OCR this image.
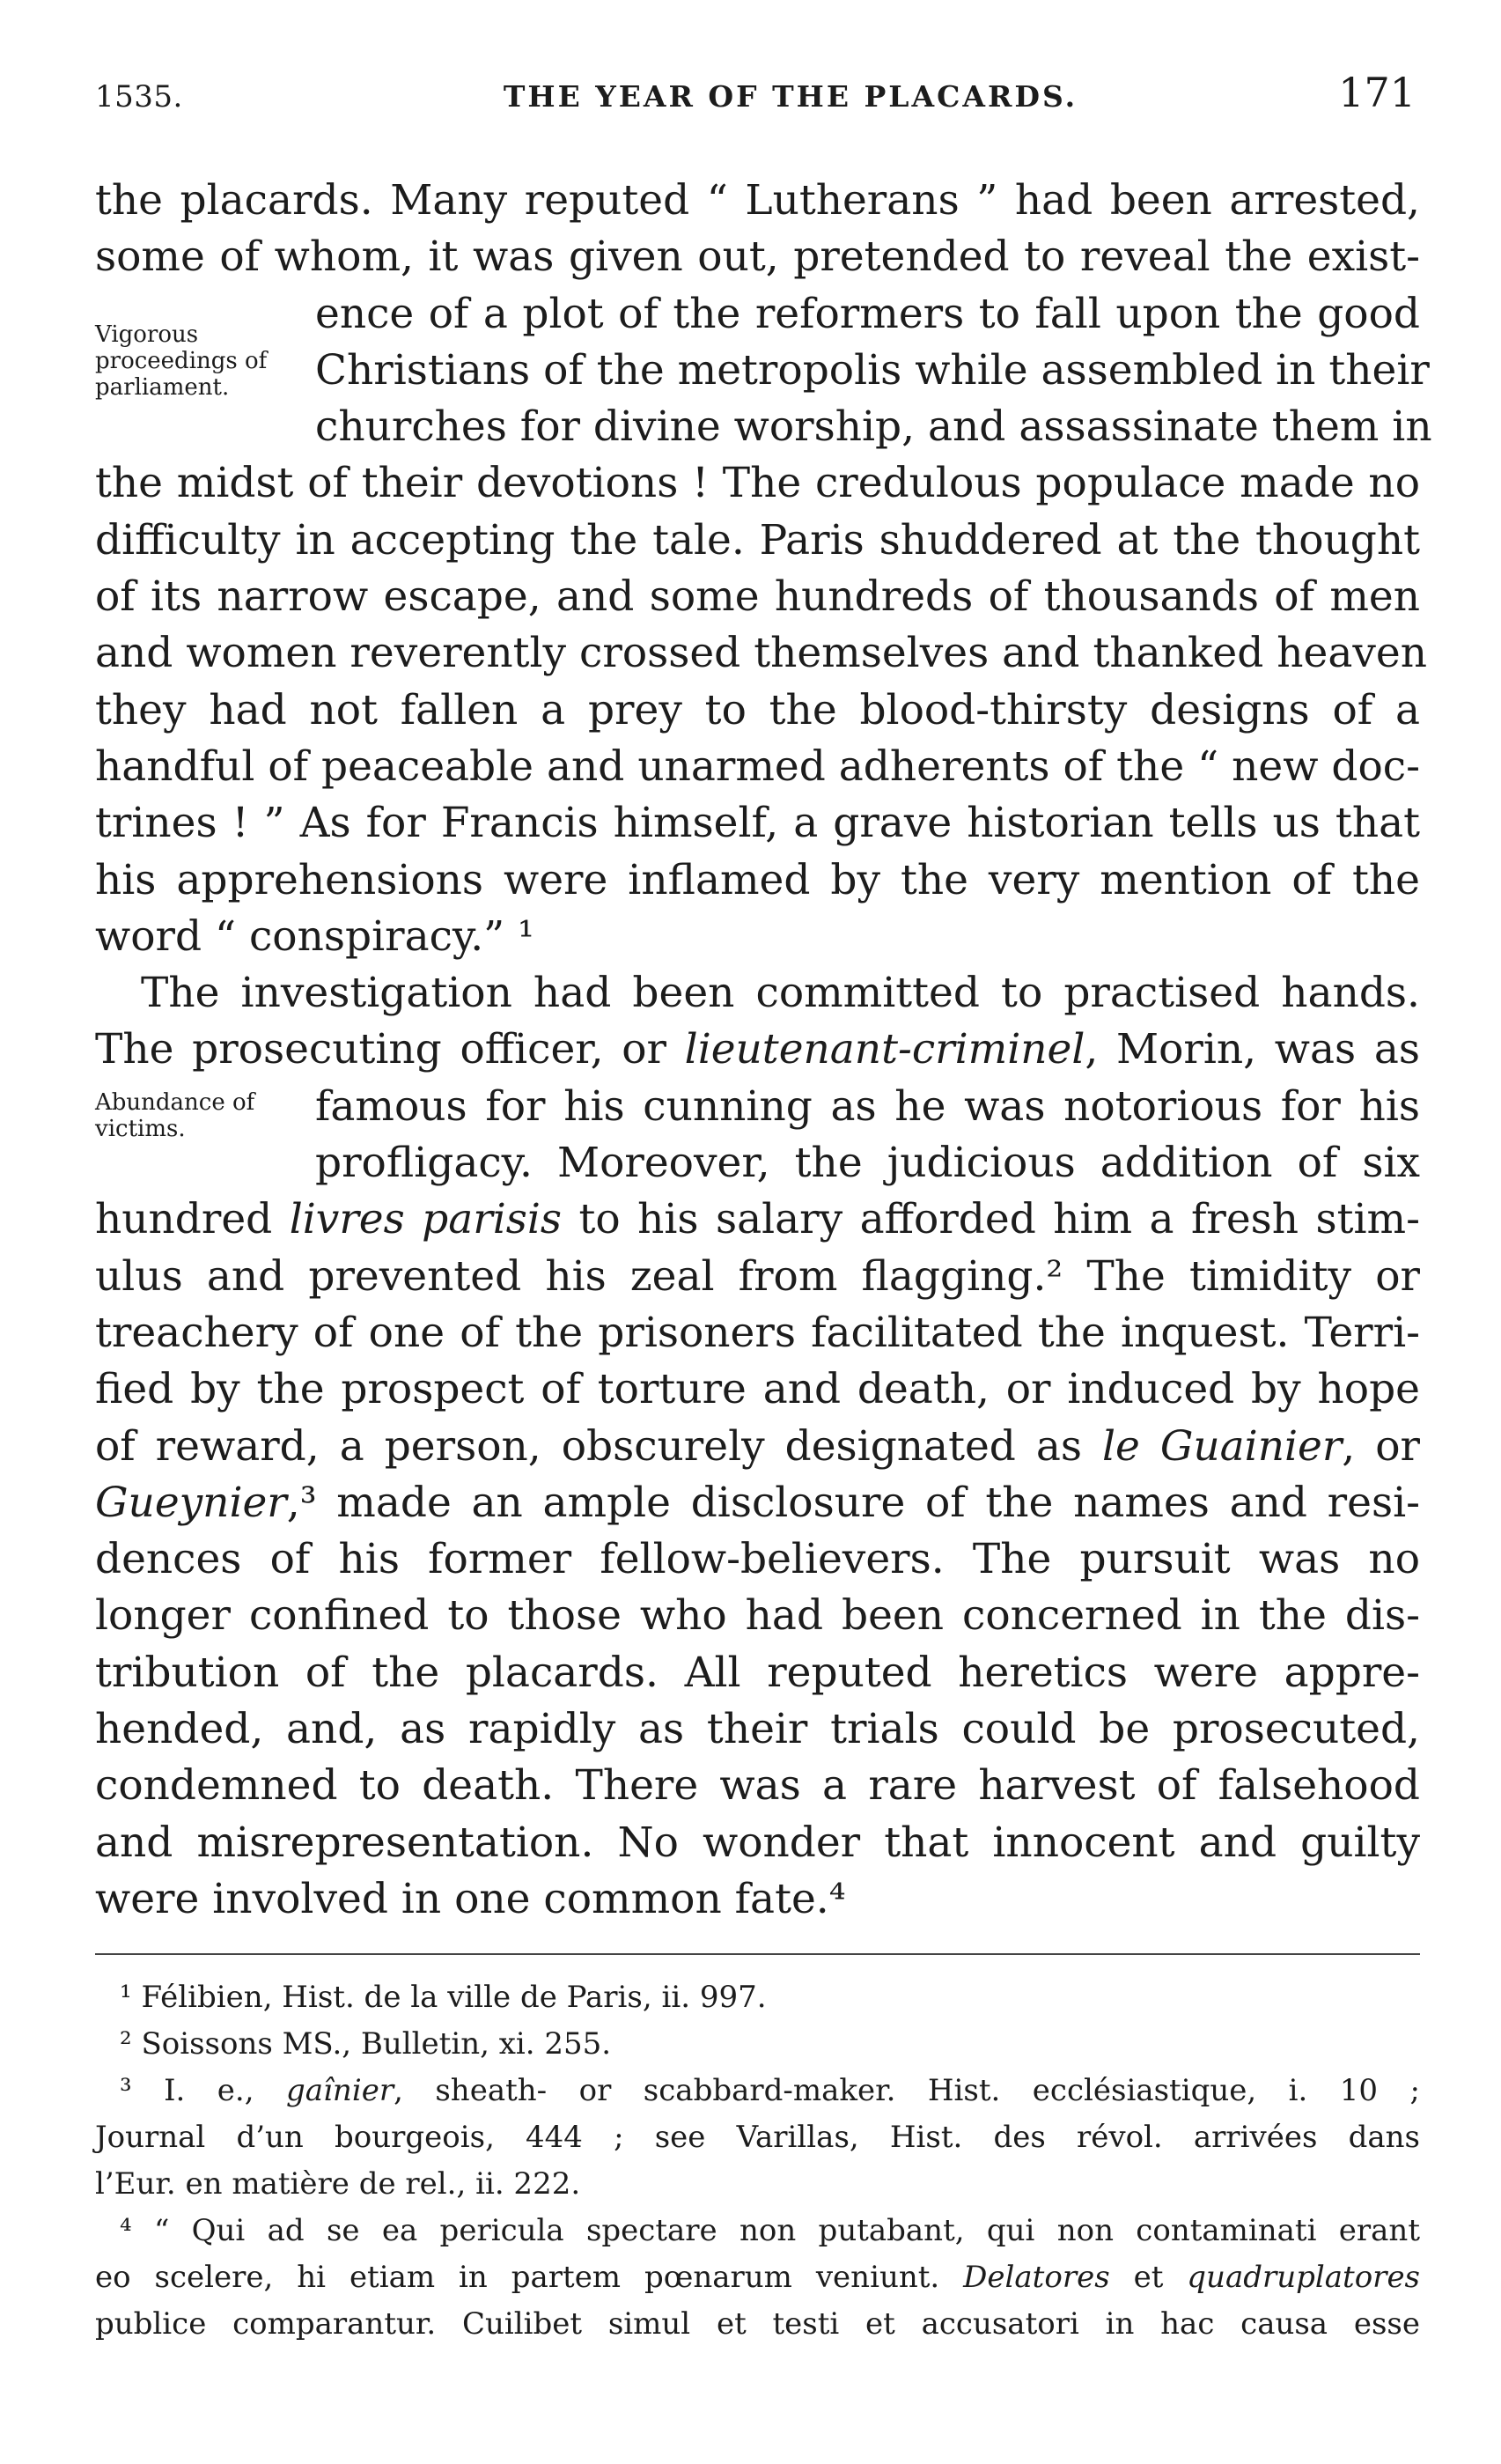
1535.	THE YEAR OF THE PLACARDS.	171
the placards. Many reputed “ Lutherans ” had been arrested,
some of whom, it was given out, pretended to reveal the exist-
Vigorous proceedings of parliament.
ence of a plot of the reformers to fall upon the good
Christians of the metropolis while assembled in their
churches for divine worship, and assassinate them in
the midst of their devotions ! The credulous populace made no
difficulty in accepting the tale. Paris shuddered at the thought
of its narrow escape, and some hundreds of thousands of men
and women reverently crossed themselves and thanked heaven
they had not fallen a prey to the blood-thirsty designs of a
handful of peaceable and unarmed adherents of the “ new doc-
trines ! ” As for Francis himself, a grave historian tells us that
his apprehensions were inflamed by the very mention of the
word “ conspiracy.” ¹
The investigation had been committed to practised hands.
The prosecuting officer, or lieutenant-criminel, Morin, was as
Abundance of victims.	famous for his cunning as he was notorious for his
profligacy. Moreover, the judicious addition of six
hundred livres parisis to his salary afforded him a fresh stim-
ulus and prevented his zeal from flagging.² The timidity or
treachery of one of the prisoners facilitated the inquest. Terri-
fied by the prospect of torture and death, or induced by hope
of reward, a person, obscurely designated as le Guainier, or
Gueynier,³ made an ample disclosure of the names and resi-
dences of his former fellow-believers. The pursuit was no
longer confined to those who had been concerned in the dis-
tribution of the placards. All reputed heretics were appre-
hended, and, as rapidly as their trials could be prosecuted,
condemned to death. There was a rare harvest of falsehood
and misrepresentation. No wonder that innocent and guilty
were involved in one common fate.⁴
¹ Félibien, Hist. de la ville de Paris, ii. 997.
² Soissons MS., Bulletin, xi. 255.
³ I. e., gaînier, sheath- or scabbard-maker. Hist. ecclésiastique, i. 10 ;
Journal d’un bourgeois, 444 ; see Varillas, Hist. des révol. arrivées dans
l’Eur. en matière de rel., ii. 222.
⁴ “ Qui ad se ea pericula spectare non putabant, qui non contaminati erant
eo scelere, hi etiam in partem pœnarum veniunt. Delatores et quadruplatores
publice comparantur. Cuilibet simul et testi et accusatori in hac causa esse
